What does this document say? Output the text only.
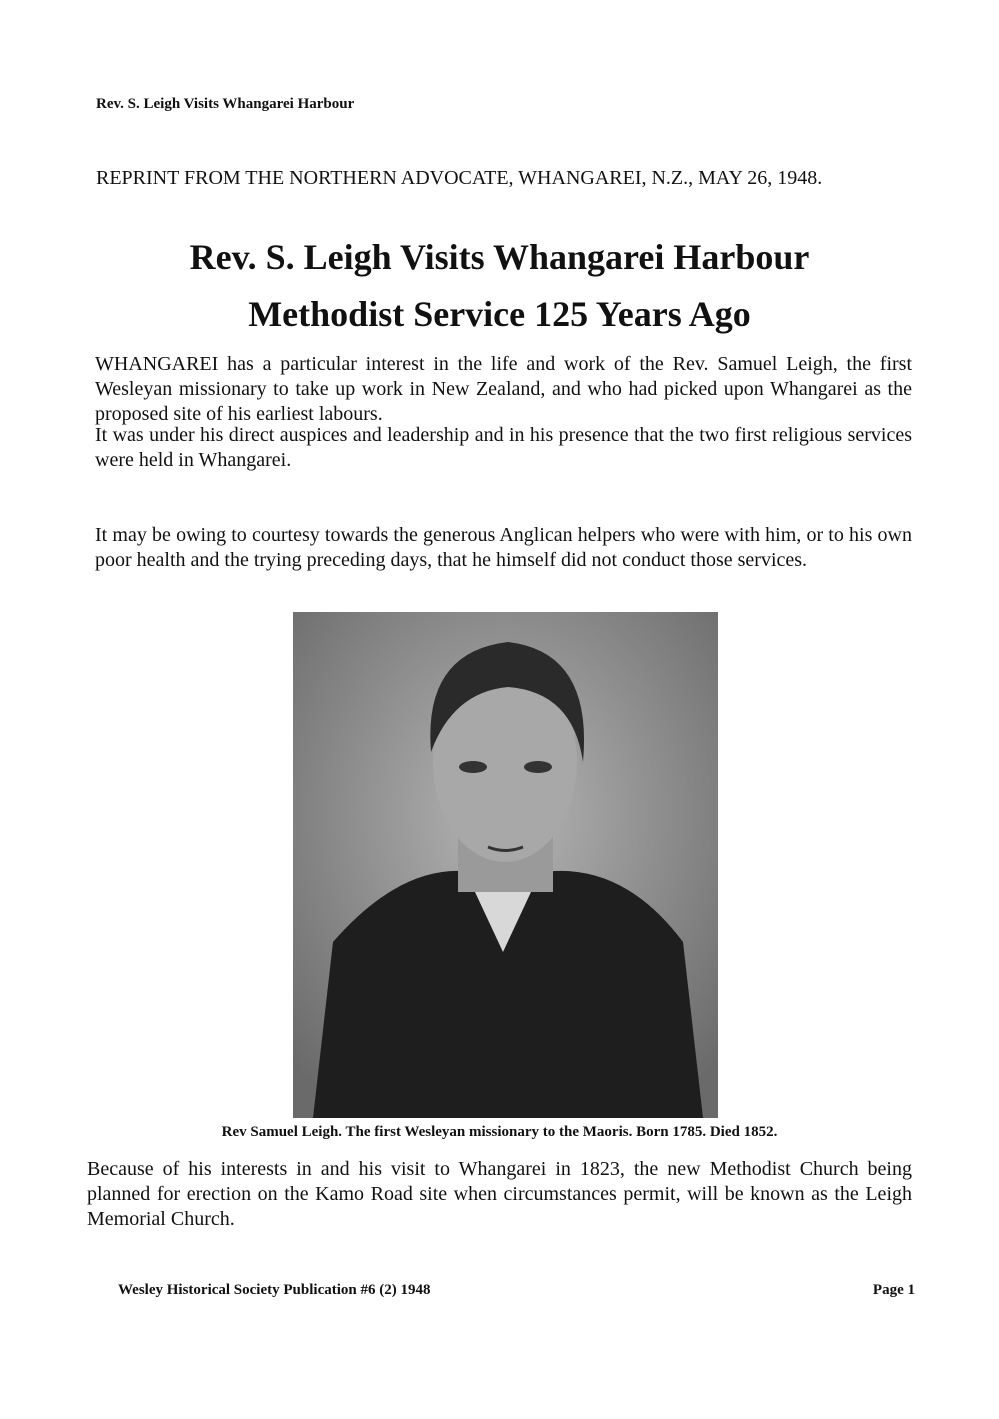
Rev. S. Leigh Visits Whangarei Harbour
REPRINT FROM THE NORTHERN ADVOCATE, WHANGAREI, N.Z., MAY 26, 1948.
Rev. S. Leigh Visits Whangarei Harbour
Methodist Service 125 Years Ago
WHANGAREI has a particular interest in the life and work of the Rev. Samuel Leigh, the first Wesleyan missionary to take up work in New Zealand, and who had picked upon Whangarei as the proposed site of his earliest labours.
It was under his direct auspices and leadership and in his presence that the two first religious services were held in Whangarei.
It may be owing to courtesy towards the generous Anglican helpers who were with him, or to his own poor health and the trying preceding days, that he himself did not conduct those services.
Rev Samuel Leigh. The first Wesleyan missionary to the Maoris. Born 1785. Died 1852.
Because of his interests in and his visit to Whangarei in 1823, the new Methodist Church being planned for erection on the Kamo Road site when circumstances permit, will be known as the Leigh Memorial Church.
Wesley Historical Society Publication #6 (2) 1948	Page 1
